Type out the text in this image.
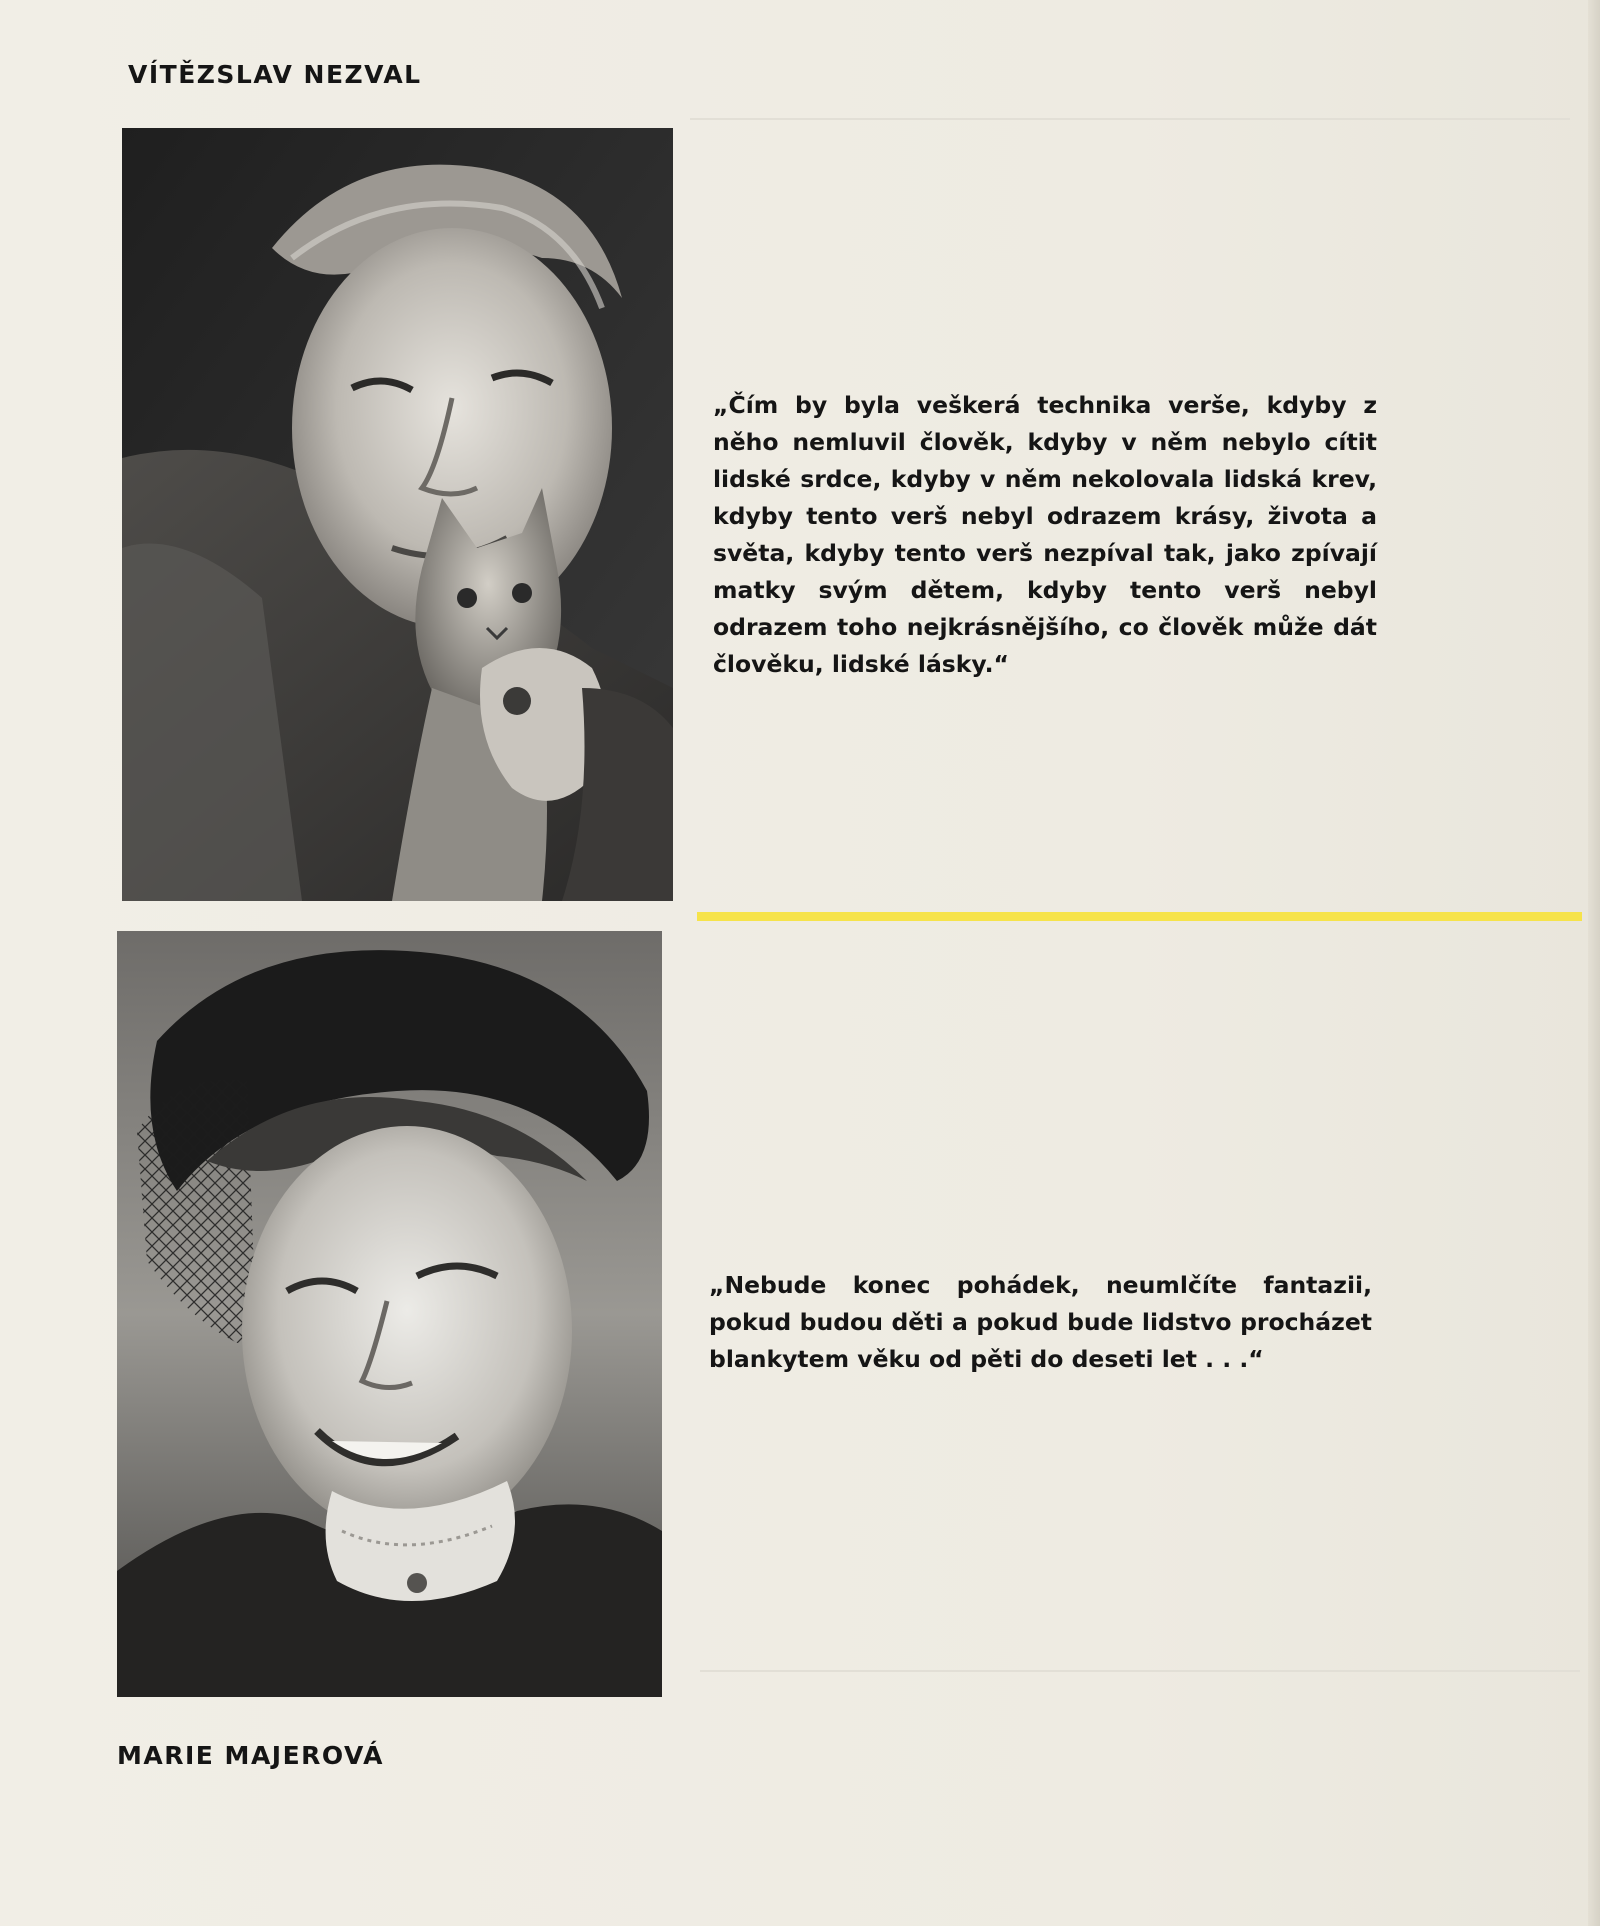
VÍTĚZSLAV NEZVAL

„Čím by byla veškerá technika verše, kdyby z něho nemluvil člověk, kdyby v něm nebylo cítit lidské srdce, kdyby v něm nekolovala lidská krev, kdyby tento verš nebyl odrazem krásy, života a světa, kdyby tento verš nezpíval tak, jako zpívají matky svým dětem, kdyby tento verš nebyl odrazem toho nejkrásnějšího, co člověk může dát člověku, lidské lásky.“

„Nebude konec pohádek, neumlčíte fantazii, pokud budou děti a pokud bude lidstvo procházet blankytem věku od pěti do deseti let . . .“

MARIE MAJEROVÁ
